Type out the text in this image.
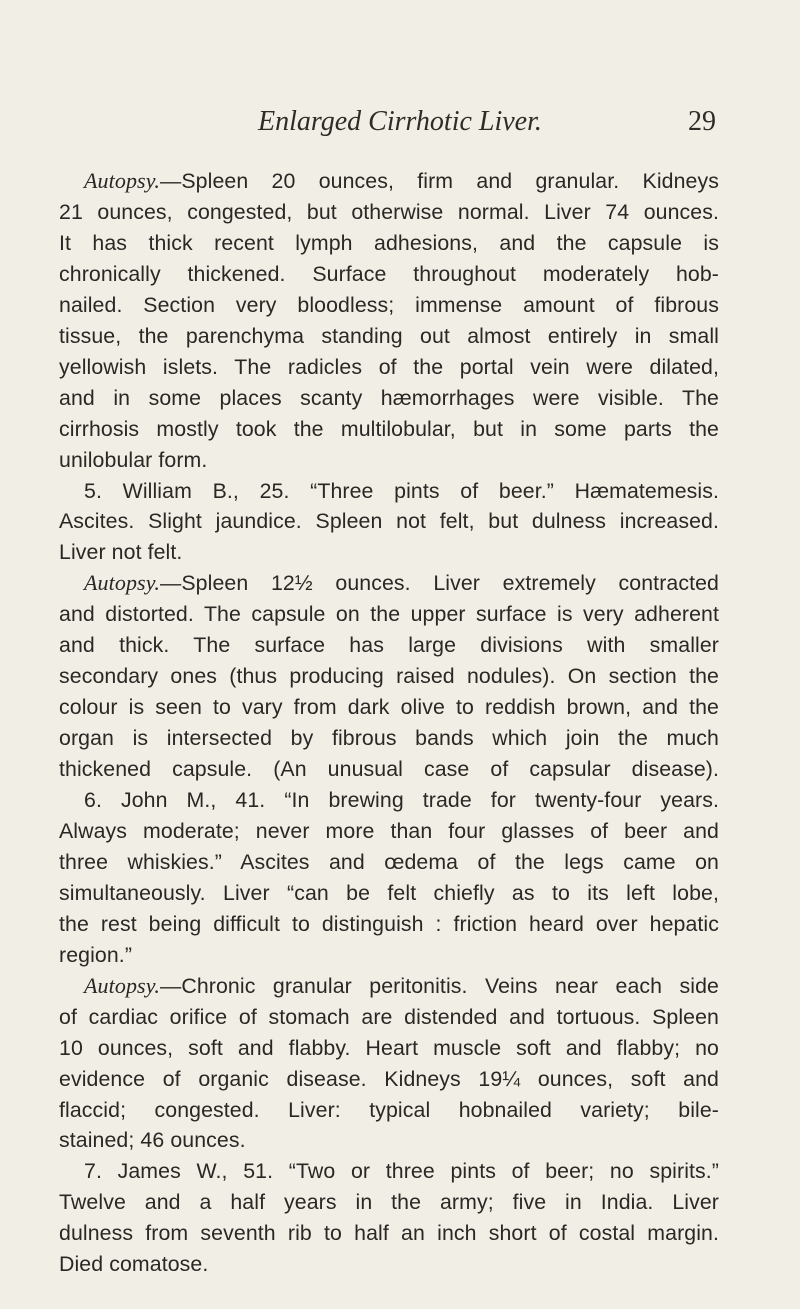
Enlarged Cirrhotic Liver.	29
Autopsy.—Spleen 20 ounces, firm and granular. Kidneys
21 ounces, congested, but otherwise normal. Liver 74 ounces.
It has thick recent lymph adhesions, and the capsule is
chronically thickened. Surface throughout moderately hob-
nailed. Section very bloodless; immense amount of fibrous
tissue, the parenchyma standing out almost entirely in small
yellowish islets. The radicles of the portal vein were dilated,
and in some places scanty hæmorrhages were visible. The
cirrhosis mostly took the multilobular, but in some parts the
unilobular form.
5. William B., 25. “Three pints of beer.” Hæmatemesis.
Ascites. Slight jaundice. Spleen not felt, but dulness increased.
Liver not felt.
Autopsy.—Spleen 12½ ounces. Liver extremely contracted
and distorted. The capsule on the upper surface is very adherent
and thick. The surface has large divisions with smaller
secondary ones (thus producing raised nodules). On section the
colour is seen to vary from dark olive to reddish brown, and the
organ is intersected by fibrous bands which join the much
thickened capsule. (An unusual case of capsular disease).
6. John M., 41. “In brewing trade for twenty-four years.
Always moderate; never more than four glasses of beer and
three whiskies.” Ascites and œdema of the legs came on
simultaneously. Liver “can be felt chiefly as to its left lobe,
the rest being difficult to distinguish : friction heard over hepatic
region.”
Autopsy.—Chronic granular peritonitis. Veins near each side
of cardiac orifice of stomach are distended and tortuous. Spleen
10 ounces, soft and flabby. Heart muscle soft and flabby; no
evidence of organic disease. Kidneys 19¼ ounces, soft and
flaccid; congested. Liver: typical hobnailed variety; bile-
stained; 46 ounces.
7. James W., 51. “Two or three pints of beer; no spirits.”
Twelve and a half years in the army; five in India. Liver
dulness from seventh rib to half an inch short of costal margin.
Died comatose.
